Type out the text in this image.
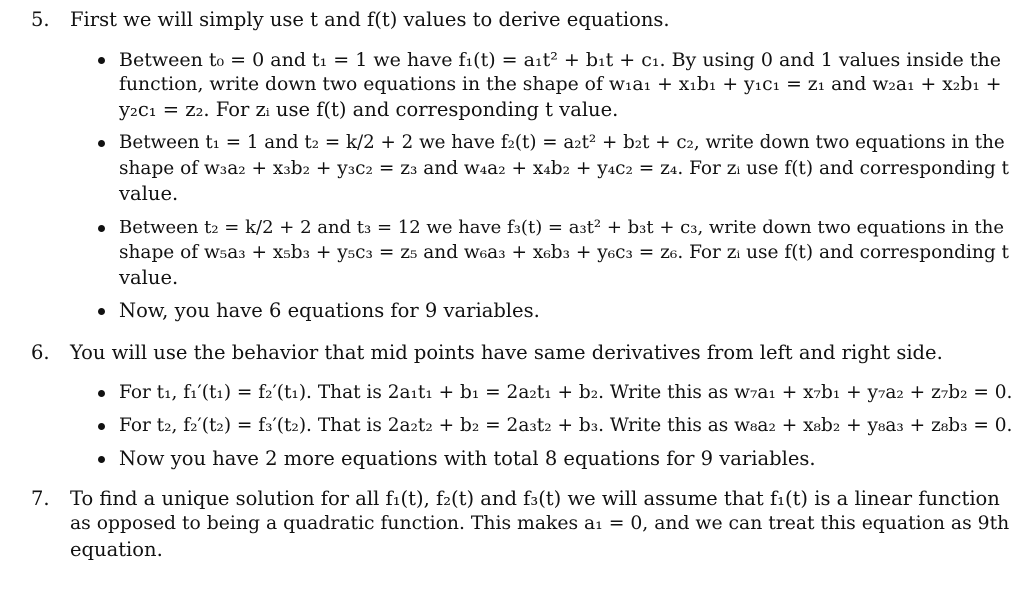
5. First we will simply use t and f(t) values to derive equations.
Between t₀ = 0 and t₁ = 1 we have f₁(t) = a₁t² + b₁t + c₁. By using 0 and 1 values inside the
function, write down two equations in the shape of w₁a₁ + x₁b₁ + y₁c₁ = z₁ and w₂a₁ + x₂b₁ +
y₂c₁ = z₂. For zᵢ use f(t) and corresponding t value.
Between t₁ = 1 and t₂ = k/2 + 2 we have f₂(t) = a₂t² + b₂t + c₂, write down two equations in the
shape of w₃a₂ + x₃b₂ + y₃c₂ = z₃ and w₄a₂ + x₄b₂ + y₄c₂ = z₄. For zᵢ use f(t) and corresponding t
value.
Between t₂ = k/2 + 2 and t₃ = 12 we have f₃(t) = a₃t² + b₃t + c₃, write down two equations in the
shape of w₅a₃ + x₅b₃ + y₅c₃ = z₅ and w₆a₃ + x₆b₃ + y₆c₃ = z₆. For zᵢ use f(t) and corresponding t
value.
Now, you have 6 equations for 9 variables.
6. You will use the behavior that mid points have same derivatives from left and right side.
For t₁, f₁′(t₁) = f₂′(t₁). That is 2a₁t₁ + b₁ = 2a₂t₁ + b₂. Write this as w₇a₁ + x₇b₁ + y₇a₂ + z₇b₂ = 0.
For t₂, f₂′(t₂) = f₃′(t₂). That is 2a₂t₂ + b₂ = 2a₃t₂ + b₃. Write this as w₈a₂ + x₈b₂ + y₈a₃ + z₈b₃ = 0.
Now you have 2 more equations with total 8 equations for 9 variables.
7. To find a unique solution for all f₁(t), f₂(t) and f₃(t) we will assume that f₁(t) is a linear function
as opposed to being a quadratic function. This makes a₁ = 0, and we can treat this equation as 9th
equation.
